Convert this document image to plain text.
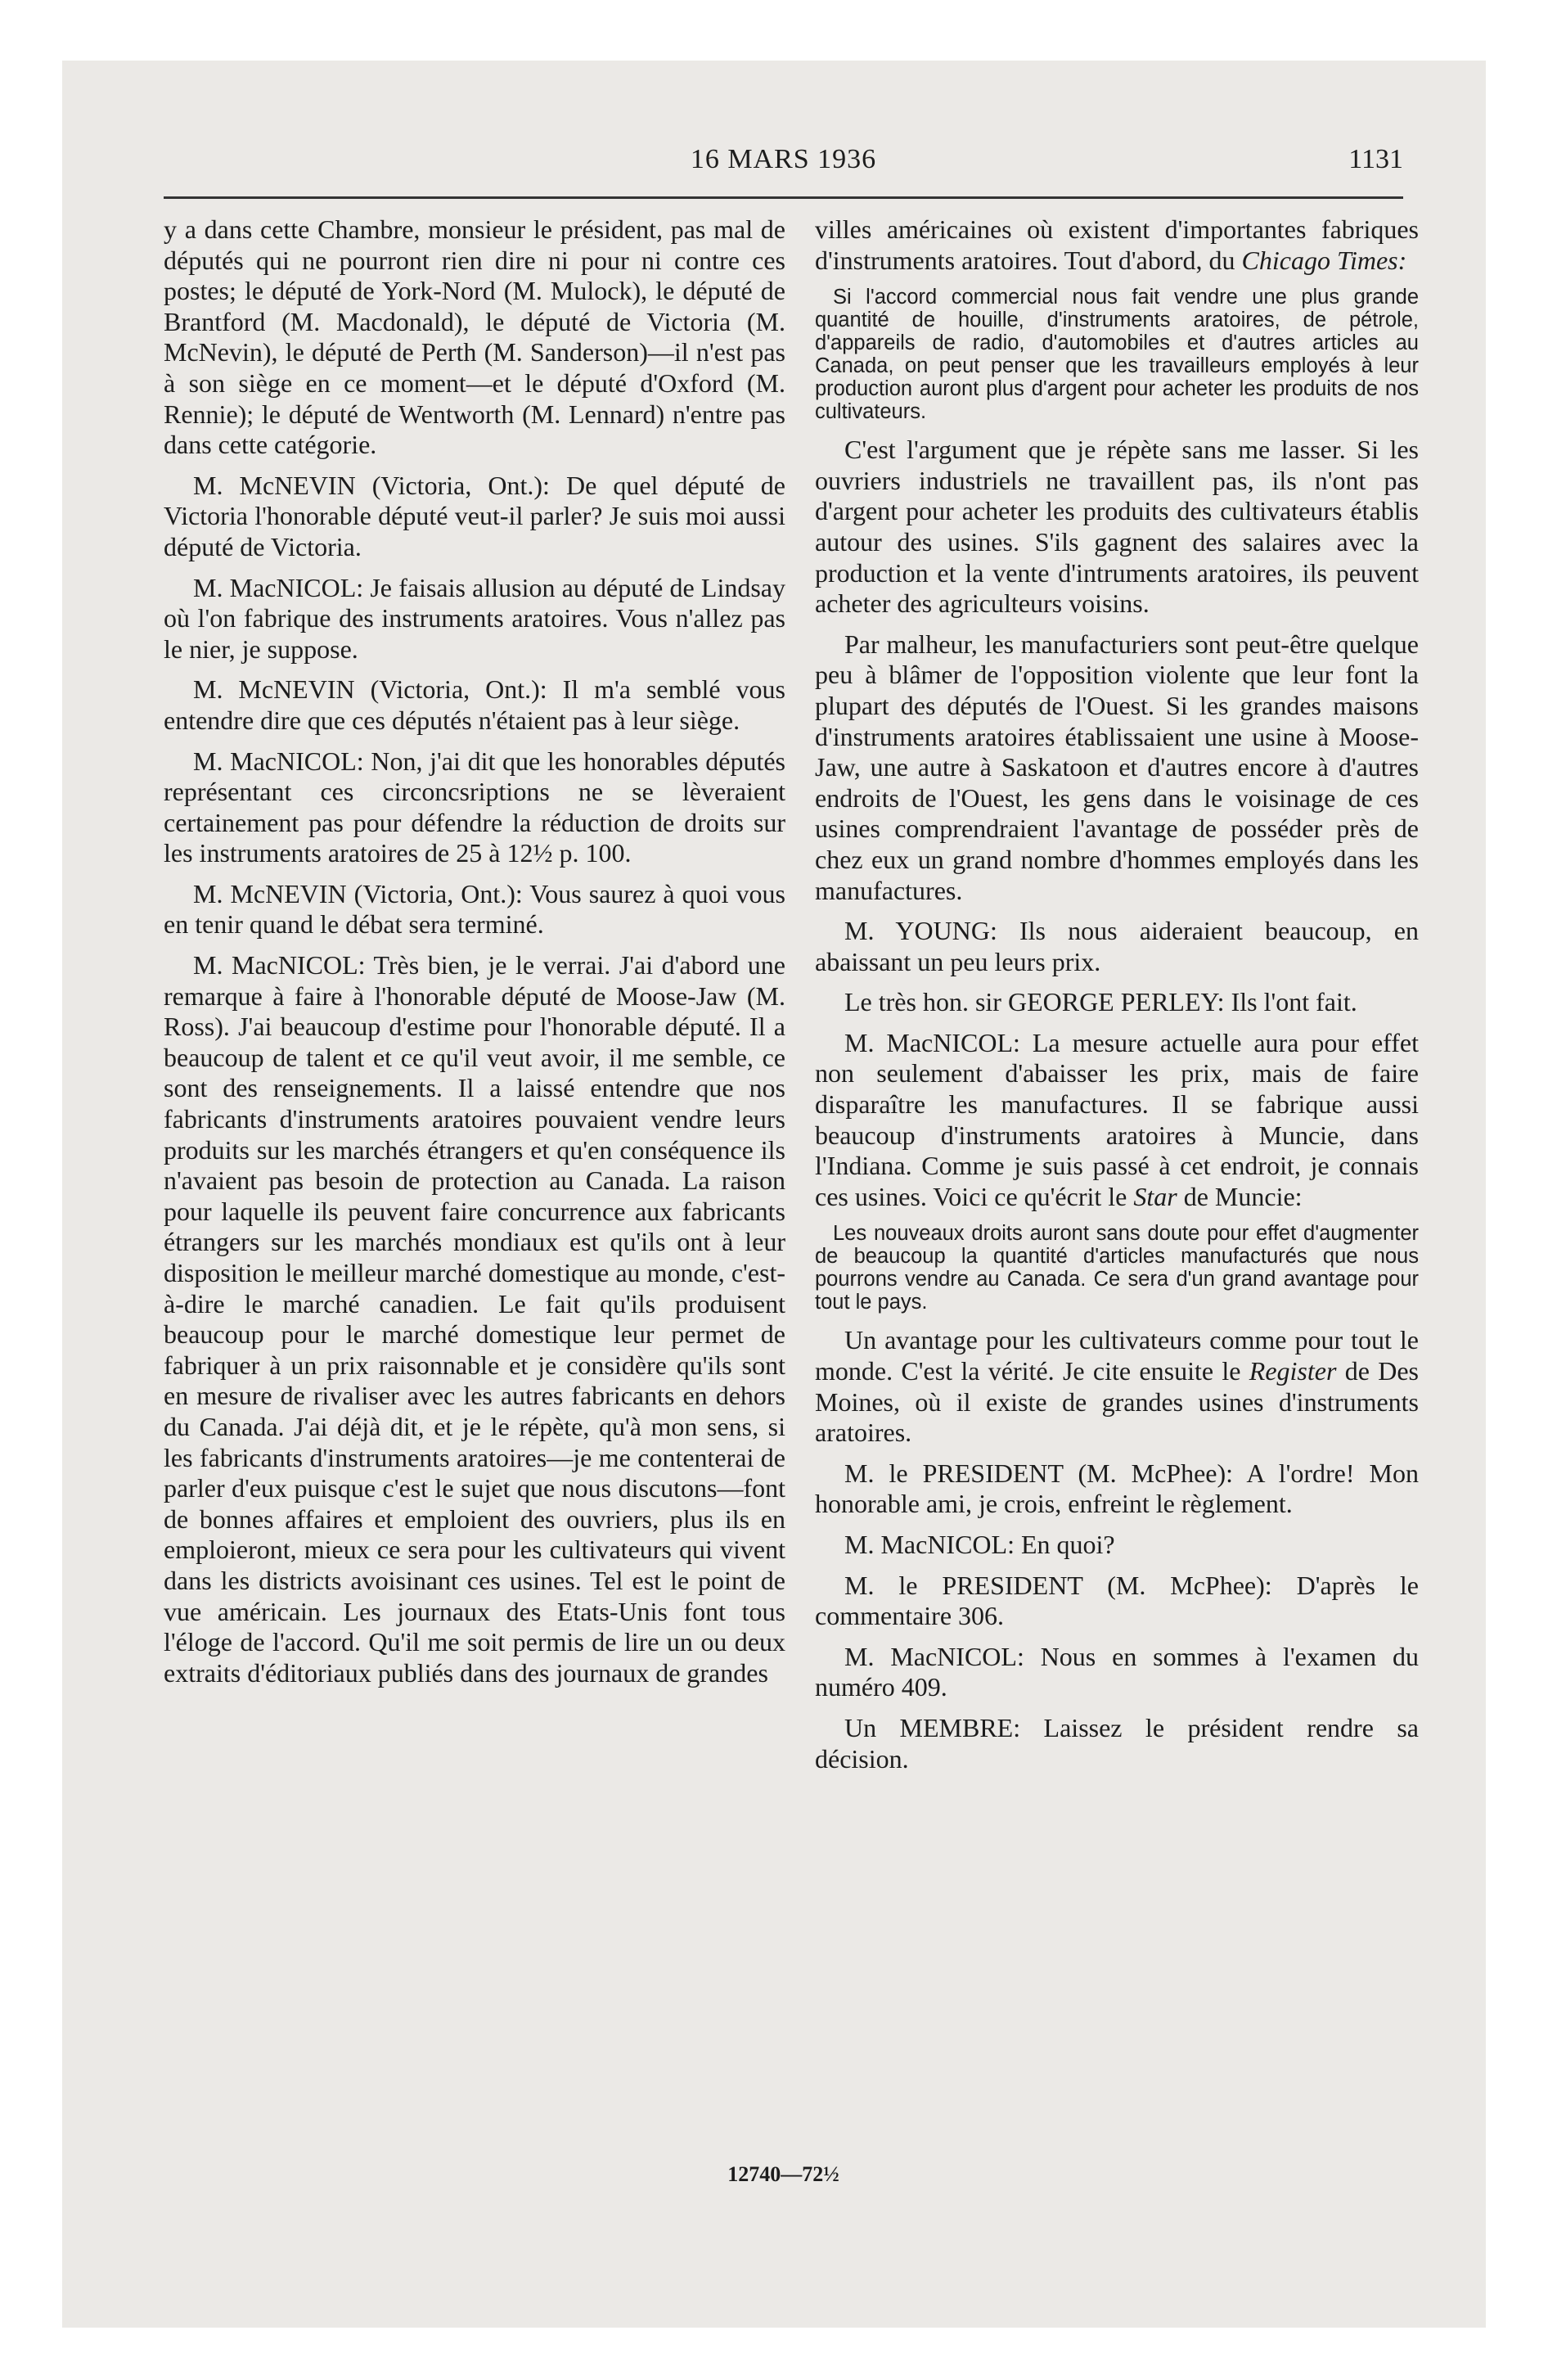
16 MARS 1936	1131

y a dans cette Chambre, monsieur le président, pas mal de députés qui ne pourront rien dire ni pour ni contre ces postes; le député de York-Nord (M. Mulock), le député de Brantford (M. Macdonald), le député de Victoria (M. McNevin), le député de Perth (M. Sanderson)—il n'est pas à son siège en ce moment—et le député d'Oxford (M. Rennie); le député de Wentworth (M. Lennard) n'entre pas dans cette catégorie.

M. McNEVIN (Victoria, Ont.): De quel député de Victoria l'honorable député veut-il parler? Je suis moi aussi député de Victoria.

M. MacNICOL: Je faisais allusion au député de Lindsay où l'on fabrique des instruments aratoires. Vous n'allez pas le nier, je suppose.

M. McNEVIN (Victoria, Ont.): Il m'a semblé vous entendre dire que ces députés n'étaient pas à leur siège.

M. MacNICOL: Non, j'ai dit que les honorables députés représentant ces circoncsriptions ne se lèveraient certainement pas pour défendre la réduction de droits sur les instruments aratoires de 25 à 12½ p. 100.

M. McNEVIN (Victoria, Ont.): Vous saurez à quoi vous en tenir quand le débat sera terminé.

M. MacNICOL: Très bien, je le verrai. J'ai d'abord une remarque à faire à l'honorable député de Moose-Jaw (M. Ross). J'ai beaucoup d'estime pour l'honorable député. Il a beaucoup de talent et ce qu'il veut avoir, il me semble, ce sont des renseignements. Il a laissé entendre que nos fabricants d'instruments aratoires pouvaient vendre leurs produits sur les marchés étrangers et qu'en conséquence ils n'avaient pas besoin de protection au Canada. La raison pour laquelle ils peuvent faire concurrence aux fabricants étrangers sur les marchés mondiaux est qu'ils ont à leur disposition le meilleur marché domestique au monde, c'est-à-dire le marché canadien. Le fait qu'ils produisent beaucoup pour le marché domestique leur permet de fabriquer à un prix raisonnable et je considère qu'ils sont en mesure de rivaliser avec les autres fabricants en dehors du Canada. J'ai déjà dit, et je le répète, qu'à mon sens, si les fabricants d'instruments aratoires—je me contenterai de parler d'eux puisque c'est le sujet que nous discutons—font de bonnes affaires et emploient des ouvriers, plus ils en emploieront, mieux ce sera pour les cultivateurs qui vivent dans les districts avoisinant ces usines. Tel est le point de vue américain. Les journaux des Etats-Unis font tous l'éloge de l'accord. Qu'il me soit permis de lire un ou deux extraits d'éditoriaux publiés dans des journaux de grandes

villes américaines où existent d'importantes fabriques d'instruments aratoires. Tout d'abord, du Chicago Times:

Si l'accord commercial nous fait vendre une plus grande quantité de houille, d'instruments aratoires, de pétrole, d'appareils de radio, d'automobiles et d'autres articles au Canada, on peut penser que les travailleurs employés à leur production auront plus d'argent pour acheter les produits de nos cultivateurs.

C'est l'argument que je répète sans me lasser. Si les ouvriers industriels ne travaillent pas, ils n'ont pas d'argent pour acheter les produits des cultivateurs établis autour des usines. S'ils gagnent des salaires avec la production et la vente d'intruments aratoires, ils peuvent acheter des agriculteurs voisins.

Par malheur, les manufacturiers sont peut-être quelque peu à blâmer de l'opposition violente que leur font la plupart des députés de l'Ouest. Si les grandes maisons d'instruments aratoires établissaient une usine à Moose-Jaw, une autre à Saskatoon et d'autres encore à d'autres endroits de l'Ouest, les gens dans le voisinage de ces usines comprendraient l'avantage de posséder près de chez eux un grand nombre d'hommes employés dans les manufactures.

M. YOUNG: Ils nous aideraient beaucoup, en abaissant un peu leurs prix.

Le très hon. sir GEORGE PERLEY: Ils l'ont fait.

M. MacNICOL: La mesure actuelle aura pour effet non seulement d'abaisser les prix, mais de faire disparaître les manufactures. Il se fabrique aussi beaucoup d'instruments aratoires à Muncie, dans l'Indiana. Comme je suis passé à cet endroit, je connais ces usines. Voici ce qu'écrit le Star de Muncie:

Les nouveaux droits auront sans doute pour effet d'augmenter de beaucoup la quantité d'articles manufacturés que nous pourrons vendre au Canada. Ce sera d'un grand avantage pour tout le pays.

Un avantage pour les cultivateurs comme pour tout le monde. C'est la vérité. Je cite ensuite le Register de Des Moines, où il existe de grandes usines d'instruments aratoires.

M. le PRESIDENT (M. McPhee): A l'ordre! Mon honorable ami, je crois, enfreint le règlement.

M. MacNICOL: En quoi?

M. le PRESIDENT (M. McPhee): D'après le commentaire 306.

M. MacNICOL: Nous en sommes à l'examen du numéro 409.

Un MEMBRE: Laissez le président rendre sa décision.

12740—72½
